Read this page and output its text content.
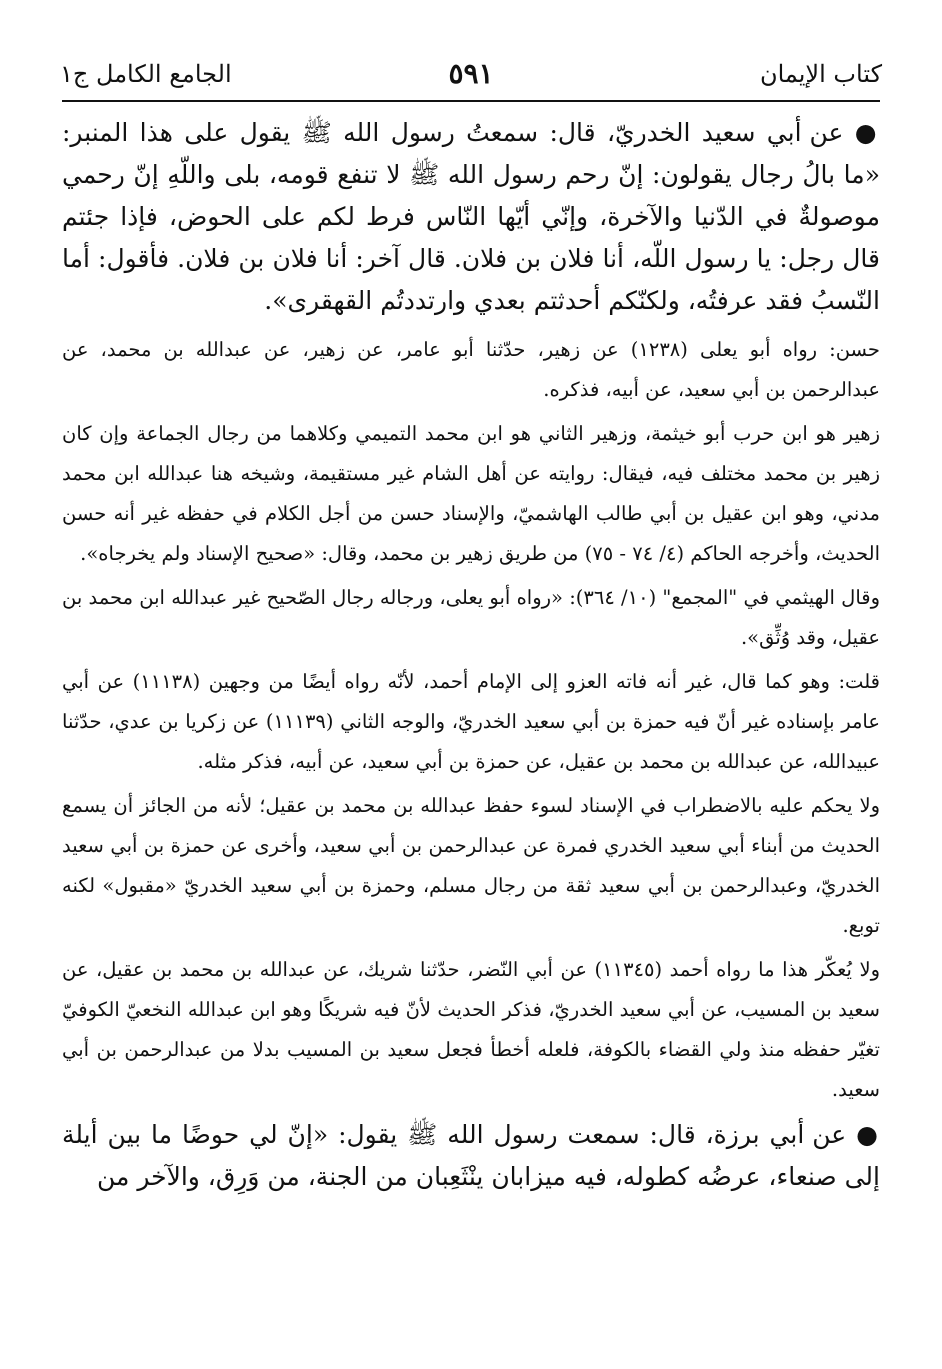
كتاب الإيمان
٥٩١
الجامع الكامل ج١

● عن أبي سعيد الخدريّ، قال: سمعتُ رسول الله ﷺ يقول على هذا المنبر: «ما بالُ رجال يقولون: إنّ رحم رسول الله ﷺ لا تنفع قومه، بلى واللّهِ إنّ رحمي موصولةٌ في الدّنيا والآخرة، وإنّي أيّها النّاس فرط لكم على الحوض، فإذا جئتم قال رجل: يا رسول اللّه، أنا فلان بن فلان. قال آخر: أنا فلان بن فلان. فأقول: أما النّسبُ فقد عرفتُه، ولكنّكم أحدثتم بعدي وارتددتُم القهقرى».

حسن: رواه أبو يعلى (١٢٣٨) عن زهير، حدّثنا أبو عامر، عن زهير، عن عبدالله بن محمد، عن عبدالرحمن بن أبي سعيد، عن أبيه، فذكره.

زهير هو ابن حرب أبو خيثمة، وزهير الثاني هو ابن محمد التميمي وكلاهما من رجال الجماعة وإن كان زهير بن محمد مختلف فيه، فيقال: روايته عن أهل الشام غير مستقيمة، وشيخه هنا عبدالله ابن محمد مدني، وهو ابن عقيل بن أبي طالب الهاشميّ، والإسناد حسن من أجل الكلام في حفظه غير أنه حسن الحديث، وأخرجه الحاكم (٤/ ٧٤ - ٧٥) من طريق زهير بن محمد، وقال: «صحيح الإسناد ولم يخرجاه».

وقال الهيثمي في "المجمع" (١٠/ ٣٦٤): «رواه أبو يعلى، ورجاله رجال الصّحيح غير عبدالله ابن محمد بن عقيل، وقد وُثِّق».

قلت: وهو كما قال، غير أنه فاته العزو إلى الإمام أحمد، لأنّه رواه أيضًا من وجهين (١١١٣٨) عن أبي عامر بإسناده غير أنّ فيه حمزة بن أبي سعيد الخدريّ، والوجه الثاني (١١١٣٩) عن زكريا بن عدي، حدّثنا عبيدالله، عن عبدالله بن محمد بن عقيل، عن حمزة بن أبي سعيد، عن أبيه، فذكر مثله.

ولا يحكم عليه بالاضطراب في الإسناد لسوء حفظ عبدالله بن محمد بن عقيل؛ لأنه من الجائز أن يسمع الحديث من أبناء أبي سعيد الخدري فمرة عن عبدالرحمن بن أبي سعيد، وأخرى عن حمزة بن أبي سعيد الخدريّ، وعبدالرحمن بن أبي سعيد ثقة من رجال مسلم، وحمزة بن أبي سعيد الخدريّ «مقبول» لكنه توبع.

ولا يُعكّر هذا ما رواه أحمد (١١٣٤٥) عن أبي النّضر، حدّثنا شريك، عن عبدالله بن محمد بن عقيل، عن سعيد بن المسيب، عن أبي سعيد الخدريّ، فذكر الحديث لأنّ فيه شريكًا وهو ابن عبدالله النخعيّ الكوفيّ تغيّر حفظه منذ ولي القضاء بالكوفة، فلعله أخطأ فجعل سعيد بن المسيب بدلا من عبدالرحمن بن أبي سعيد.

● عن أبي برزة، قال: سمعت رسول الله ﷺ يقول: «إنّ لي حوضًا ما بين أيلة إلى صنعاء، عرضُه كطوله، فيه ميزابان ينْثَعِبان من الجنة، من وَرِق، والآخر من
